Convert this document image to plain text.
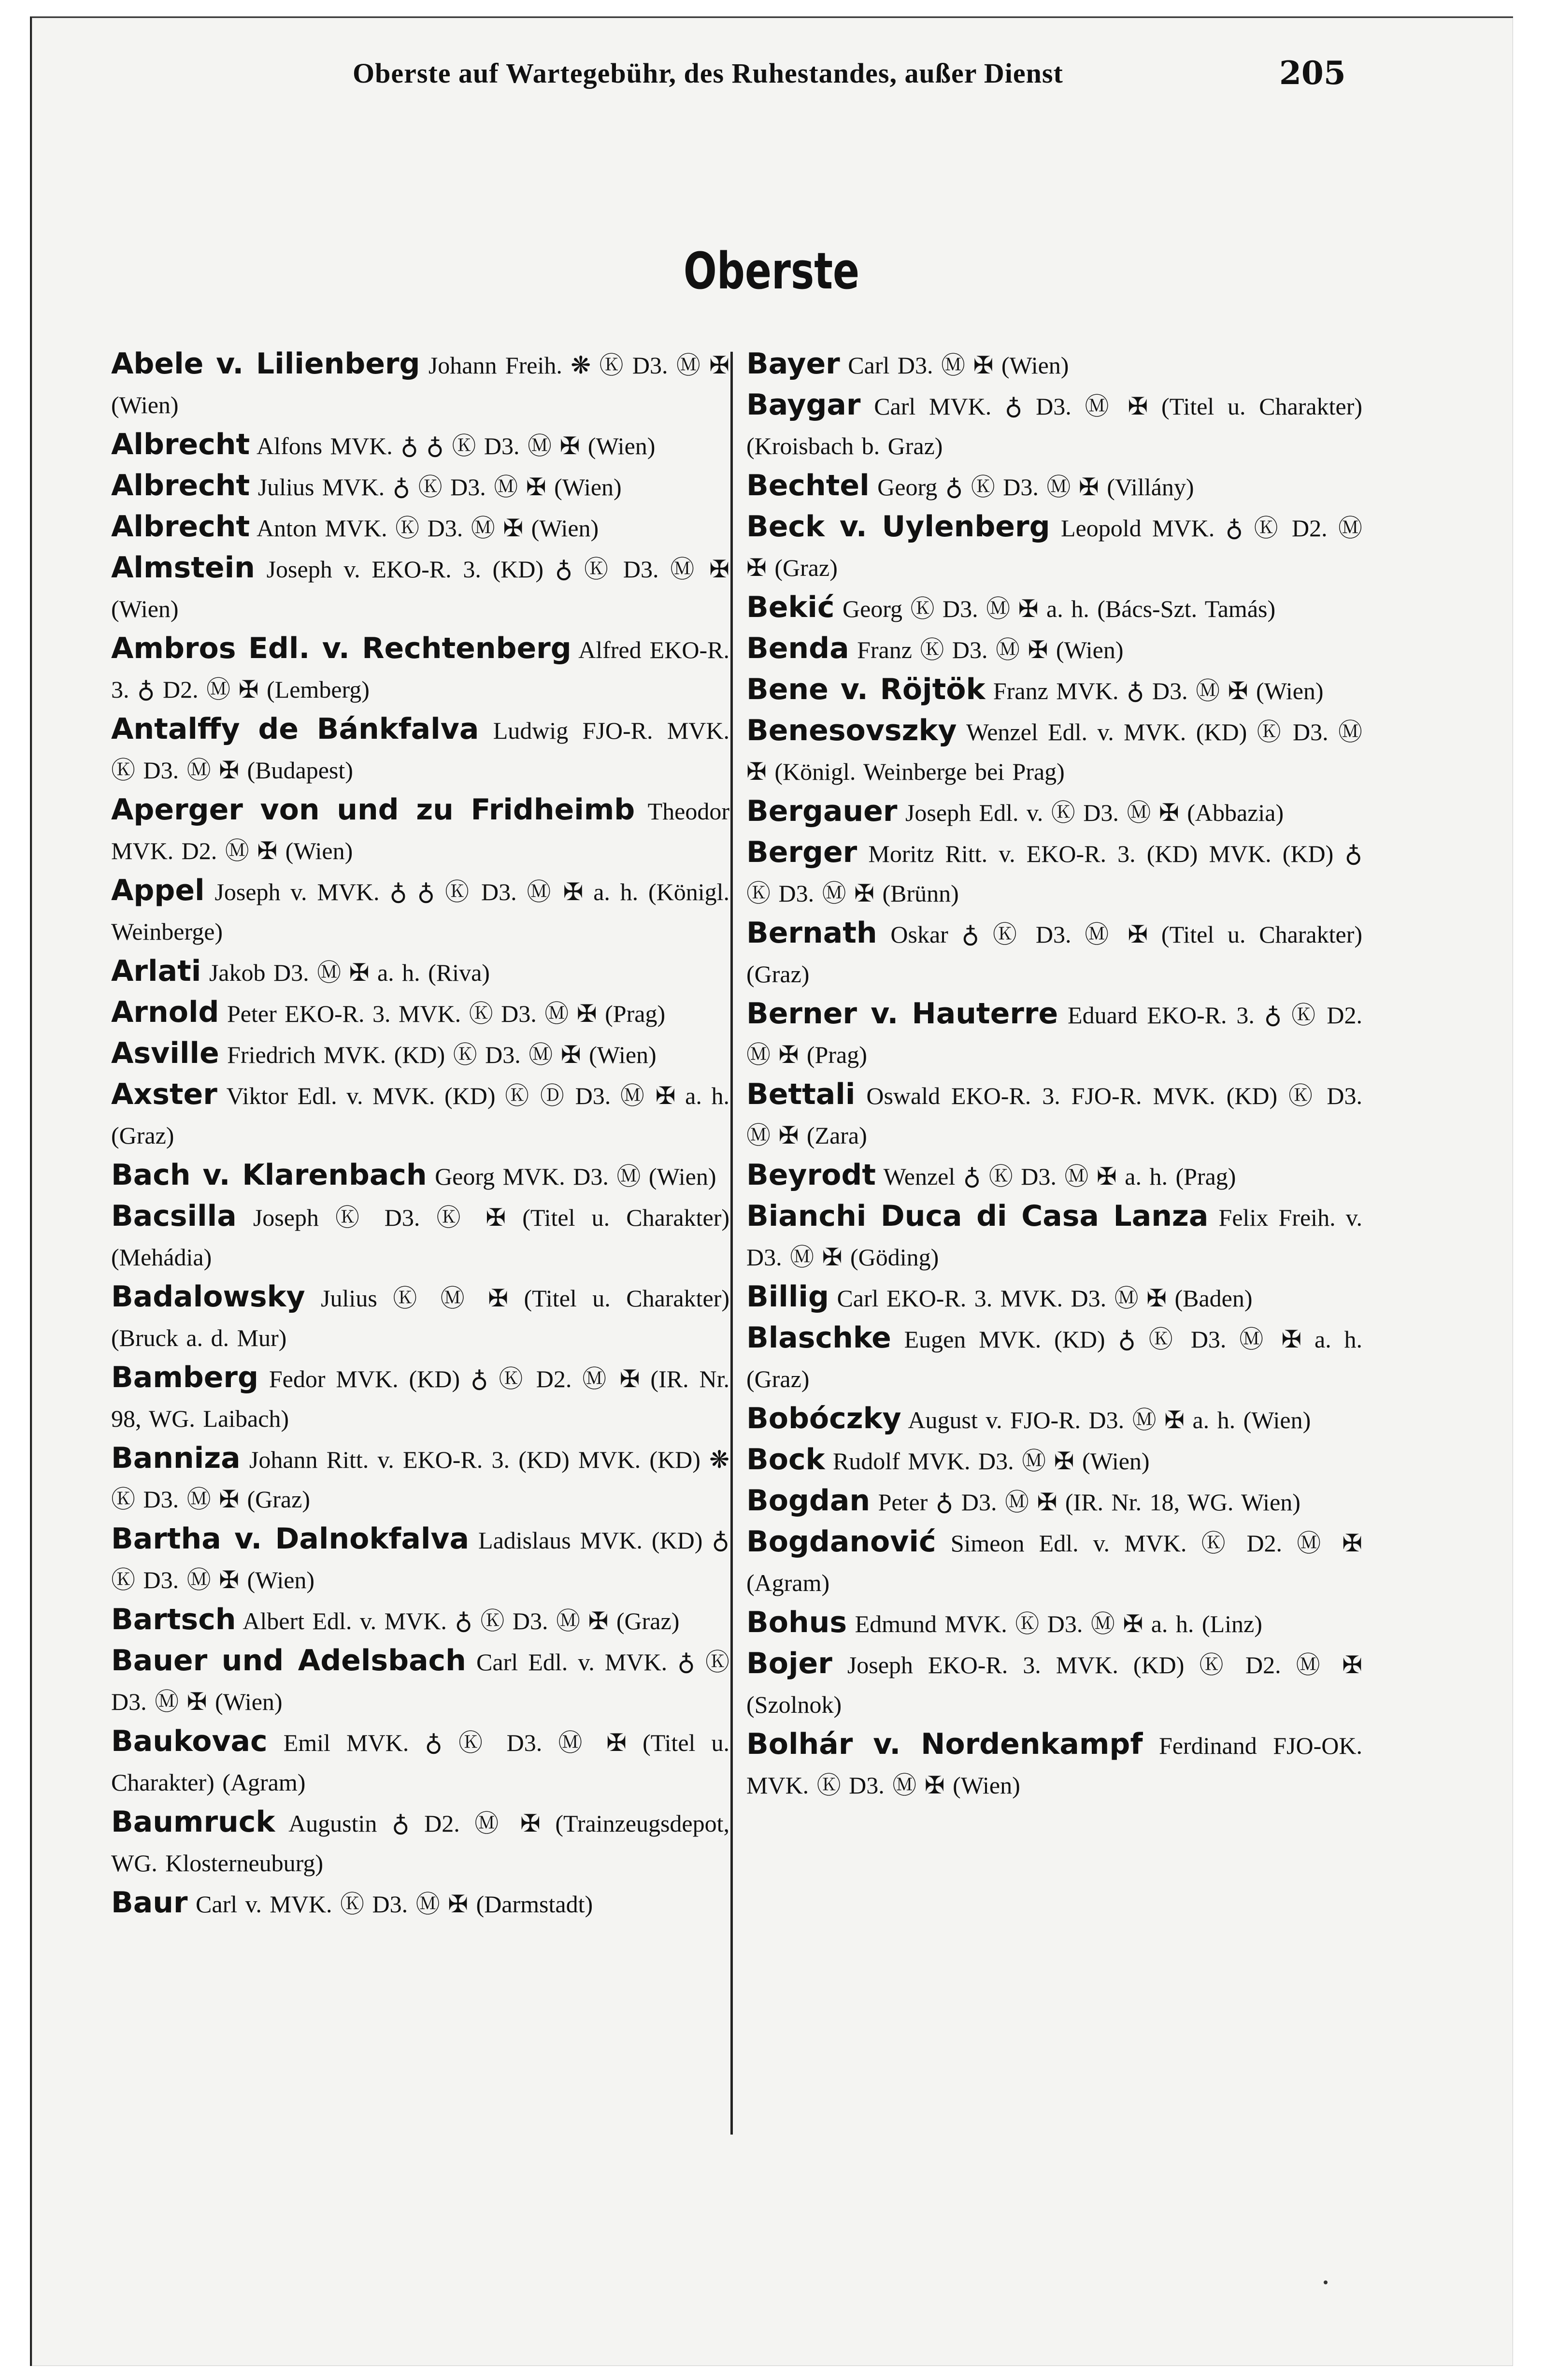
Oberste auf Wartegebühr, des Ruhestandes, außer Dienst	205
Oberste

Abele v. Lilienberg Johann Freih. ❋ Ⓚ D3. Ⓜ ✠ (Wien)

Albrecht Alfons MVK. ♁ ♁ Ⓚ D3. Ⓜ ✠ (Wien)

Albrecht Julius MVK. ♁ Ⓚ D3. Ⓜ ✠ (Wien)

Albrecht Anton MVK. Ⓚ D3. Ⓜ ✠ (Wien)

Almstein Joseph v. EKO-R. 3. (KD) ♁ Ⓚ D3. Ⓜ ✠ (Wien)

Ambros Edl. v. Rechtenberg Alfred EKO-R. 3. ♁ D2. Ⓜ ✠ (Lemberg)

Antalffy de Bánkfalva Ludwig FJO-R. MVK. Ⓚ D3. Ⓜ ✠ (Budapest)

Aperger von und zu Fridheimb Theodor MVK. D2. Ⓜ ✠ (Wien)

Appel Joseph v. MVK. ♁ ♁ Ⓚ D3. Ⓜ ✠ a. h. (Königl. Weinberge)

Arlati Jakob D3. Ⓜ ✠ a. h. (Riva)

Arnold Peter EKO-R. 3. MVK. Ⓚ D3. Ⓜ ✠ (Prag)

Asville Friedrich MVK. (KD) Ⓚ D3. Ⓜ ✠ (Wien)

Axster Viktor Edl. v. MVK. (KD) Ⓚ Ⓓ D3. Ⓜ ✠ a. h. (Graz)

Bach v. Klarenbach Georg MVK. D3. Ⓜ (Wien)

Bacsilla Joseph Ⓚ D3. Ⓚ ✠ (Titel u. Charakter) (Mehádia)

Badalowsky Julius Ⓚ Ⓜ ✠ (Titel u. Charakter) (Bruck a. d. Mur)

Bamberg Fedor MVK. (KD) ♁ Ⓚ D2. Ⓜ ✠ (IR. Nr. 98, WG. Laibach)

Banniza Johann Ritt. v. EKO-R. 3. (KD) MVK. (KD) ❋ Ⓚ D3. Ⓜ ✠ (Graz)

Bartha v. Dalnokfalva Ladislaus MVK. (KD) ♁ Ⓚ D3. Ⓜ ✠ (Wien)

Bartsch Albert Edl. v. MVK. ♁ Ⓚ D3. Ⓜ ✠ (Graz)

Bauer und Adelsbach Carl Edl. v. MVK. ♁ Ⓚ D3. Ⓜ ✠ (Wien)

Baukovac Emil MVK. ♁ Ⓚ D3. Ⓜ ✠ (Titel u. Charakter) (Agram)

Baumruck Augustin ♁ D2. Ⓜ ✠ (Trainzeugsdepot, WG. Klosterneuburg)

Baur Carl v. MVK. Ⓚ D3. Ⓜ ✠ (Darmstadt)

Bayer Carl D3. Ⓜ ✠ (Wien)

Baygar Carl MVK. ♁ D3. Ⓜ ✠ (Titel u. Charakter) (Kroisbach b. Graz)

Bechtel Georg ♁ Ⓚ D3. Ⓜ ✠ (Villány)

Beck v. Uylenberg Leopold MVK. ♁ Ⓚ D2. Ⓜ ✠ (Graz)

Bekić Georg Ⓚ D3. Ⓜ ✠ a. h. (Bács-Szt. Tamás)

Benda Franz Ⓚ D3. Ⓜ ✠ (Wien)

Bene v. Röjtök Franz MVK. ♁ D3. Ⓜ ✠ (Wien)

Benesovszky Wenzel Edl. v. MVK. (KD) Ⓚ D3. Ⓜ ✠ (Königl. Weinberge bei Prag)

Bergauer Joseph Edl. v. Ⓚ D3. Ⓜ ✠ (Abbazia)

Berger Moritz Ritt. v. EKO-R. 3. (KD) MVK. (KD) ♁ Ⓚ D3. Ⓜ ✠ (Brünn)

Bernath Oskar ♁ Ⓚ D3. Ⓜ ✠ (Titel u. Charakter) (Graz)

Berner v. Hauterre Eduard EKO-R. 3. ♁ Ⓚ D2. Ⓜ ✠ (Prag)

Bettali Oswald EKO-R. 3. FJO-R. MVK. (KD) Ⓚ D3. Ⓜ ✠ (Zara)

Beyrodt Wenzel ♁ Ⓚ D3. Ⓜ ✠ a. h. (Prag)

Bianchi Duca di Casa Lanza Felix Freih. v. D3. Ⓜ ✠ (Göding)

Billig Carl EKO-R. 3. MVK. D3. Ⓜ ✠ (Baden)

Blaschke Eugen MVK. (KD) ♁ Ⓚ D3. Ⓜ ✠ a. h. (Graz)

Bobóczky August v. FJO-R. D3. Ⓜ ✠ a. h. (Wien)

Bock Rudolf MVK. D3. Ⓜ ✠ (Wien)

Bogdan Peter ♁ D3. Ⓜ ✠ (IR. Nr. 18, WG. Wien)

Bogdanović Simeon Edl. v. MVK. Ⓚ D2. Ⓜ ✠ (Agram)

Bohus Edmund MVK. Ⓚ D3. Ⓜ ✠ a. h. (Linz)

Bojer Joseph EKO-R. 3. MVK. (KD) Ⓚ D2. Ⓜ ✠ (Szolnok)

Bolhár v. Nordenkampf Ferdinand FJO-OK. MVK. Ⓚ D3. Ⓜ ✠ (Wien)
